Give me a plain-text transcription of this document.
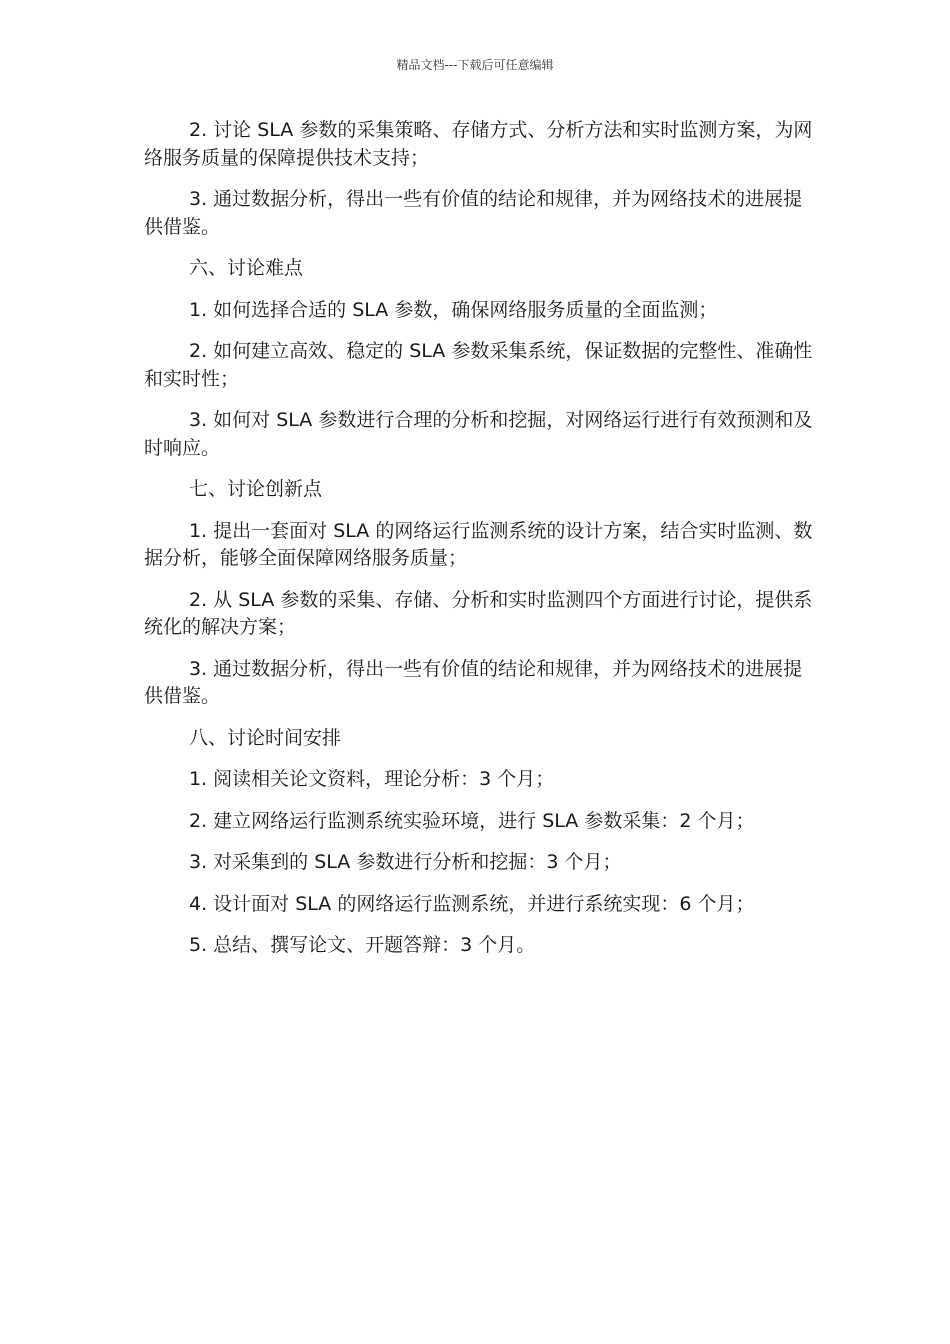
精品文档---下载后可任意编辑

2. 讨论 SLA 参数的采集策略、存储方式、分析方法和实时监测方案，为网络服务质量的保障提供技术支持；

3. 通过数据分析，得出一些有价值的结论和规律，并为网络技术的进展提供借鉴。

六、讨论难点

1. 如何选择合适的 SLA 参数，确保网络服务质量的全面监测；

2. 如何建立高效、稳定的 SLA 参数采集系统，保证数据的完整性、准确性和实时性；

3. 如何对 SLA 参数进行合理的分析和挖掘，对网络运行进行有效预测和及时响应。

七、讨论创新点

1. 提出一套面对 SLA 的网络运行监测系统的设计方案，结合实时监测、数据分析，能够全面保障网络服务质量；

2. 从 SLA 参数的采集、存储、分析和实时监测四个方面进行讨论，提供系统化的解决方案；

3. 通过数据分析，得出一些有价值的结论和规律，并为网络技术的进展提供借鉴。

八、讨论时间安排

1. 阅读相关论文资料，理论分析：3 个月；

2. 建立网络运行监测系统实验环境，进行 SLA 参数采集：2 个月；

3. 对采集到的 SLA 参数进行分析和挖掘：3 个月；

4. 设计面对 SLA 的网络运行监测系统，并进行系统实现：6 个月；

5. 总结、撰写论文、开题答辩：3 个月。
